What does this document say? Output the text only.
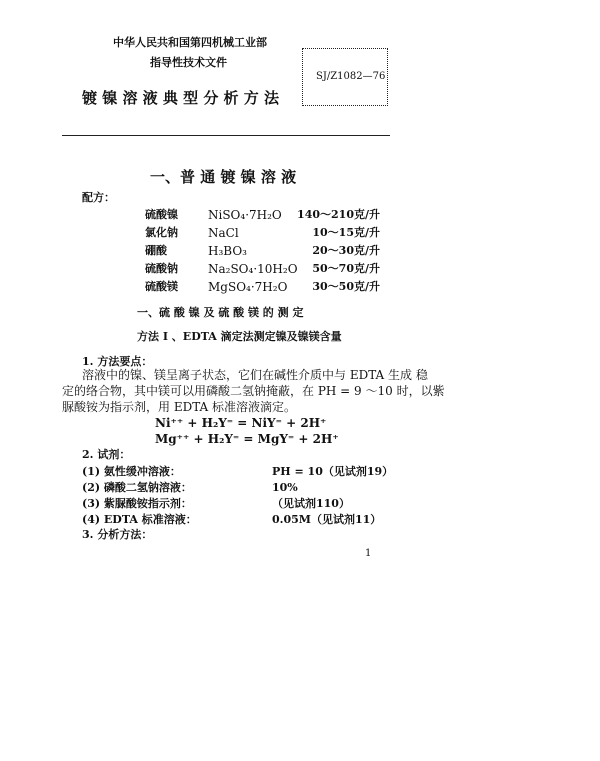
中华人民共和国第四机械工业部
指导性技术文件
镀 镍 溶 液 典 型 分 析 方 法
SJ/Z1082—76
一、普 通 镀 镍 溶 液
配方：
硫酸镍	NiSO₄·7H₂O	140～210克/升
氯化钠	NaCl	10～15克/升
硼酸	H₃BO₃	20～30克/升
硫酸钠	Na₂SO₄·10H₂O	50～70克/升
硫酸镁	MgSO₄·7H₂O	30～50克/升
一、硫 酸 镍 及 硫 酸 镁 的 测 定
方法 I 、EDTA 滴定法测定镍及镍镁含量
1. 方法要点：
溶液中的镍、镁呈离子状态，它们在碱性介质中与 EDTA 生成 稳
定的络合物，其中镁可以用磷酸二氢钠掩蔽，在 PH = 9 ～10 时，以紫
脲酸铵为指示剂，用 EDTA 标准溶液滴定。
Ni⁺⁺ + H₂Y⁼ = NiY⁼ + 2H⁺
Mg⁺⁺ + H₂Y⁼ = MgY⁼ + 2H⁺
2. 试剂：
(1) 氨性缓冲溶液：	PH = 10（见试剂19）
(2) 磷酸二氢钠溶液：	10%
(3) 紫脲酸铵指示剂：	（见试剂110）
(4) EDTA 标准溶液：	0.05M（见试剂11）
3. 分析方法：
1
